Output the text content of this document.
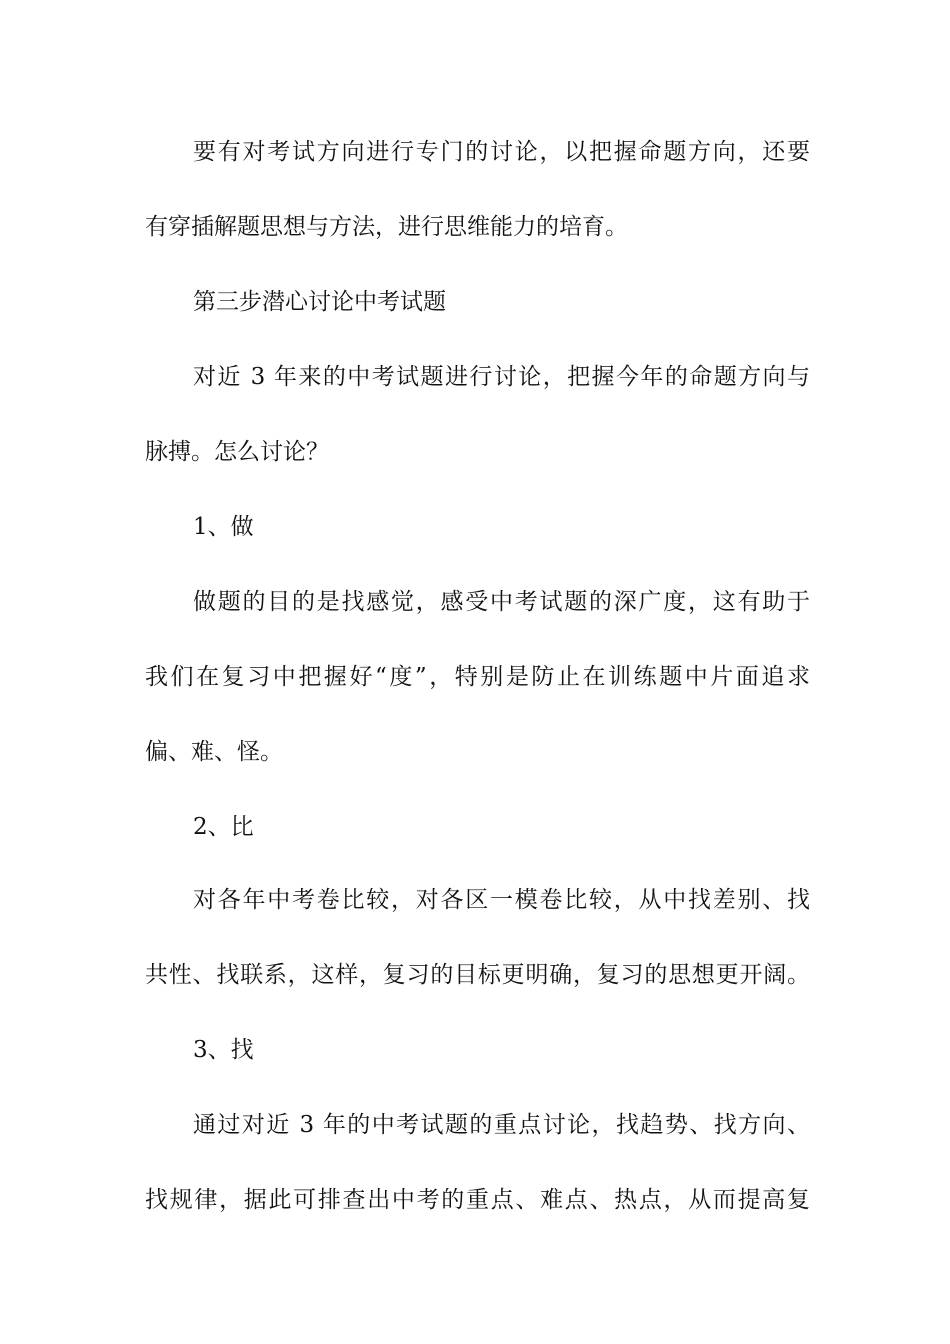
要有对考试方向进行专门的讨论，以把握命题方向，还要
有穿插解题思想与方法，进行思维能力的培育。
第三步潜心讨论中考试题
对近 3 年来的中考试题进行讨论，把握今年的命题方向与
脉搏。怎么讨论？
1、做
做题的目的是找感觉，感受中考试题的深广度，这有助于
我们在复习中把握好“度”，特别是防止在训练题中片面追求
偏、难、怪。
2、比
对各年中考卷比较，对各区一模卷比较，从中找差别、找
共性、找联系，这样，复习的目标更明确，复习的思想更开阔。
3、找
通过对近 3 年的中考试题的重点讨论，找趋势、找方向、
找规律，据此可排查出中考的重点、难点、热点，从而提高复
